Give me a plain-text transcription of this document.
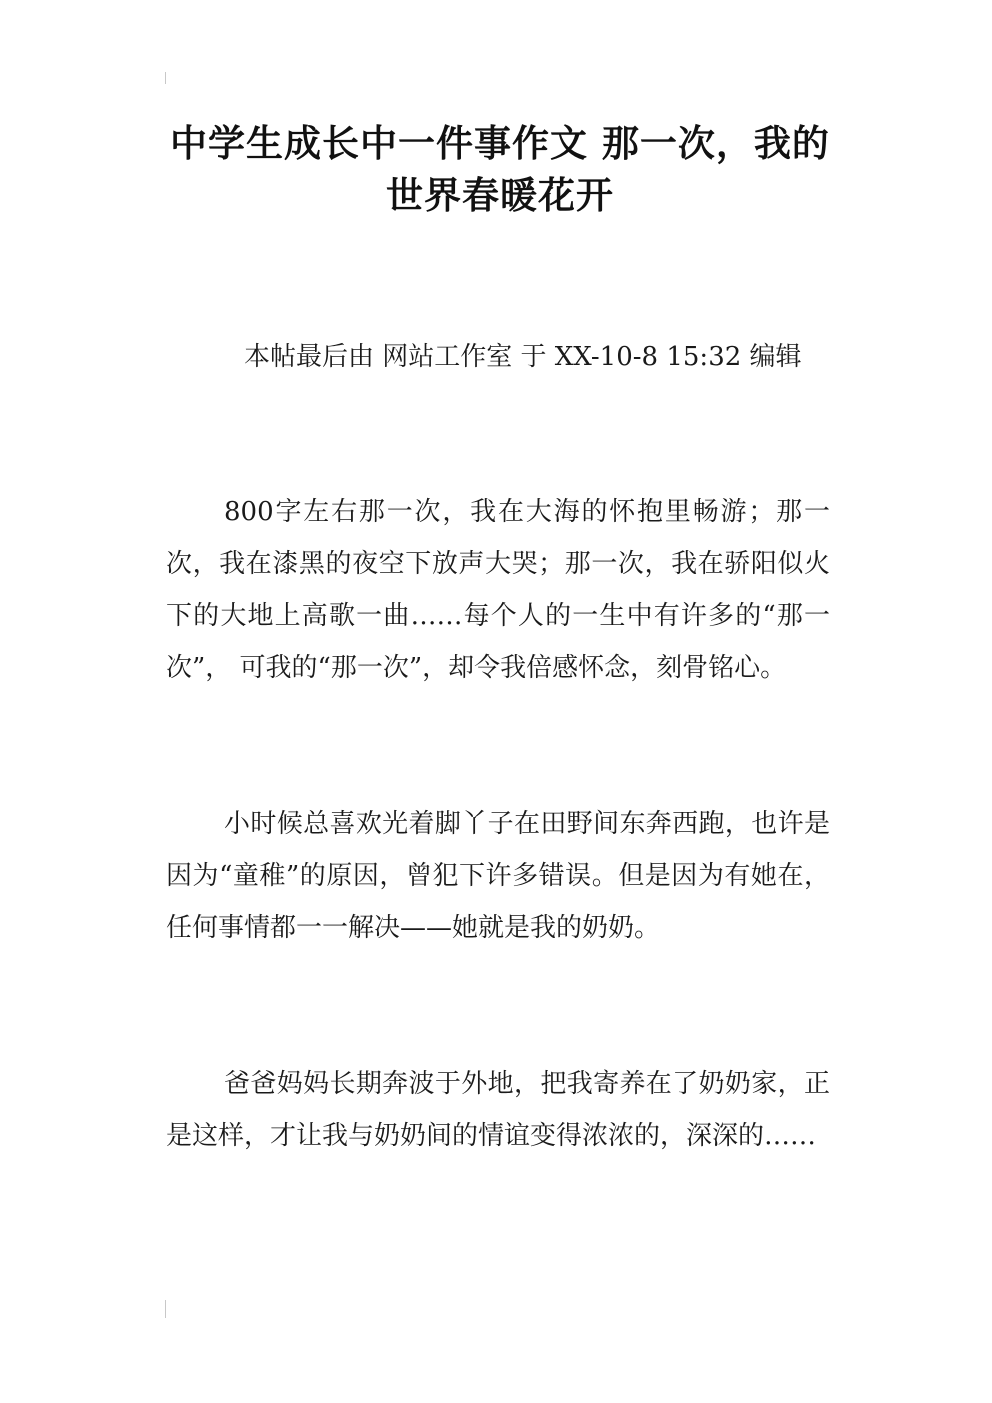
中学生成长中一件事作文 那一次，我的世界春暖花开

本帖最后由 网站工作室 于 XX-10-8 15:32 编辑

800字左右那一次，我在大海的怀抱里畅游；那一次，我在漆黑的夜空下放声大哭；那一次，我在骄阳似火下的大地上高歌一曲……每个人的一生中有许多的“那一次”， 可我的“那一次”，却令我倍感怀念，刻骨铭心。

小时候总喜欢光着脚丫子在田野间东奔西跑，也许是因为“童稚”的原因，曾犯下许多错误。但是因为有她在，任何事情都一一解决——她就是我的奶奶。

爸爸妈妈长期奔波于外地，把我寄养在了奶奶家，正是这样，才让我与奶奶间的情谊变得浓浓的，深深的……
